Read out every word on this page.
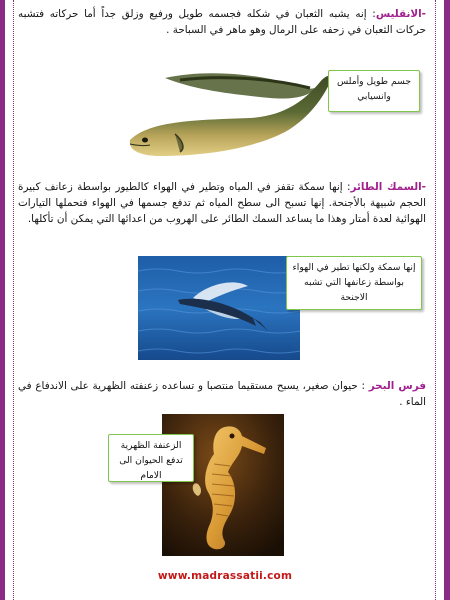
-الانقليس: إنه يشبه الثعبان في شكله فجسمه طويل ورفيع وزلق جداً أما حركاته فتشبه حركات الثعبان في زحفه على الرمال وهو ماهر في السباحة .

جسم طويل وأملس وانسيابي

-السمك الطائر: إنها سمكة تقفز في المياه وتطير في الهواء كالطيور بواسطة زعانف كبيرة الحجم شبيهة بالأجنحة. إنها تسبح الى سطح المياه ثم تدفع جسمها في الهواء فتحملها التيارات الهوائية لعدة أمتار وهذا ما يساعد السمك الطائر على الهروب من اعدائها التي يمكن أن تأكلها.

إنها سمكة ولكنها تطير في الهواء بواسطة زعانفها التي تشبه الاجنحة

فرس البحر : حيوان صغير، يسبح مستقيما منتصبا و تساعده زعنفته الظهرية على الاندفاع في الماء .

الزعنفة الظهرية تدفع الحيوان الى الامام
www.madrassatii.com
